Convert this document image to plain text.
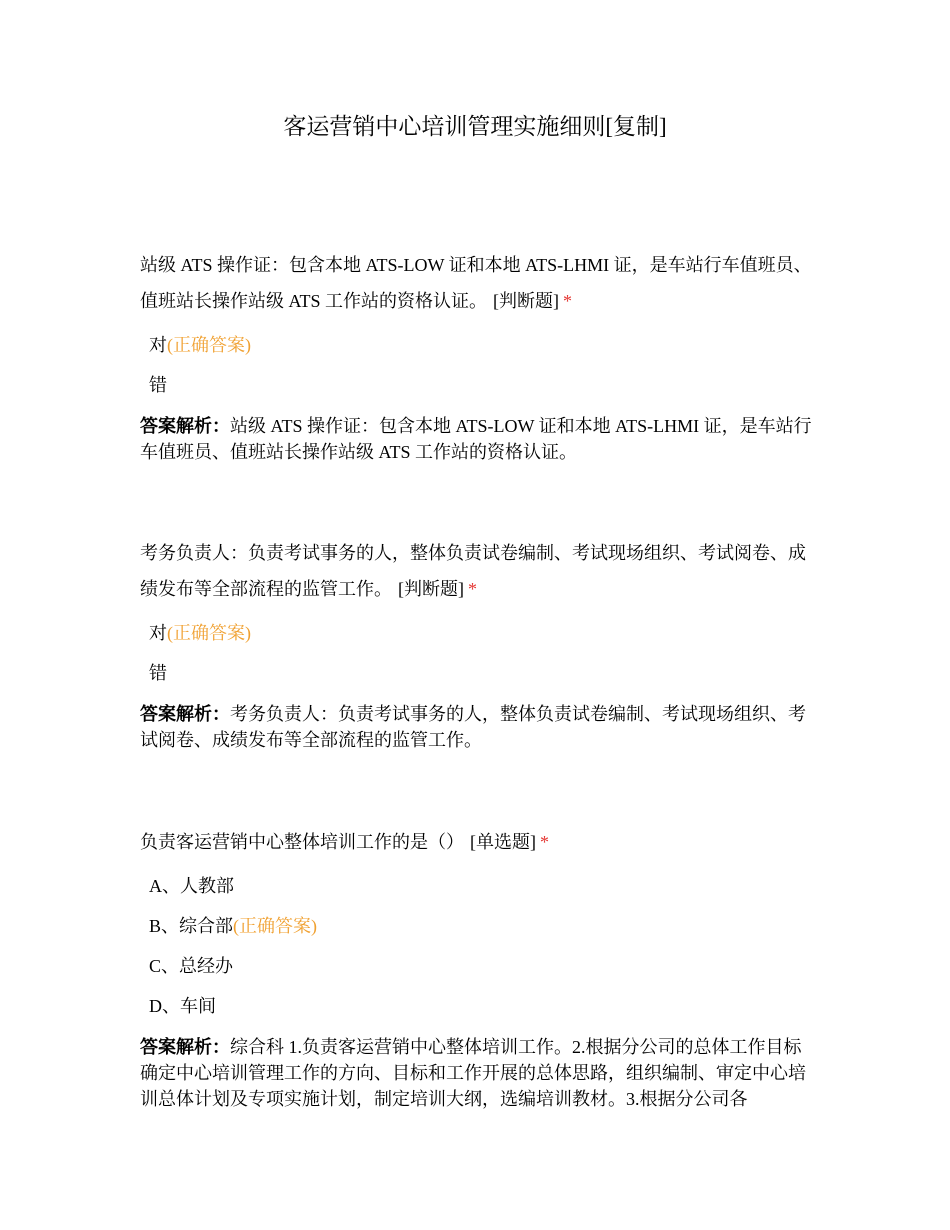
客运营销中心培训管理实施细则[复制]

站级 ATS 操作证：包含本地 ATS-LOW 证和本地 ATS-LHMI 证，是车站行车值班员、值班站长操作站级 ATS 工作站的资格认证。 [判断题] *

对(正确答案)
错

答案解析：站级 ATS 操作证：包含本地 ATS-LOW 证和本地 ATS-LHMI 证，是车站行车值班员、值班站长操作站级 ATS 工作站的资格认证。

考务负责人：负责考试事务的人，整体负责试卷编制、考试现场组织、考试阅卷、成绩发布等全部流程的监管工作。 [判断题] *

对(正确答案)
错

答案解析：考务负责人：负责考试事务的人，整体负责试卷编制、考试现场组织、考试阅卷、成绩发布等全部流程的监管工作。

负责客运营销中心整体培训工作的是（） [单选题] *

A、人教部
B、综合部(正确答案)
C、总经办
D、车间

答案解析：综合科 1.负责客运营销中心整体培训工作。2.根据分公司的总体工作目标确定中心培训管理工作的方向、目标和工作开展的总体思路，组织编制、审定中心培训总体计划及专项实施计划，制定培训大纲，选编培训教材。3.根据分公司各
